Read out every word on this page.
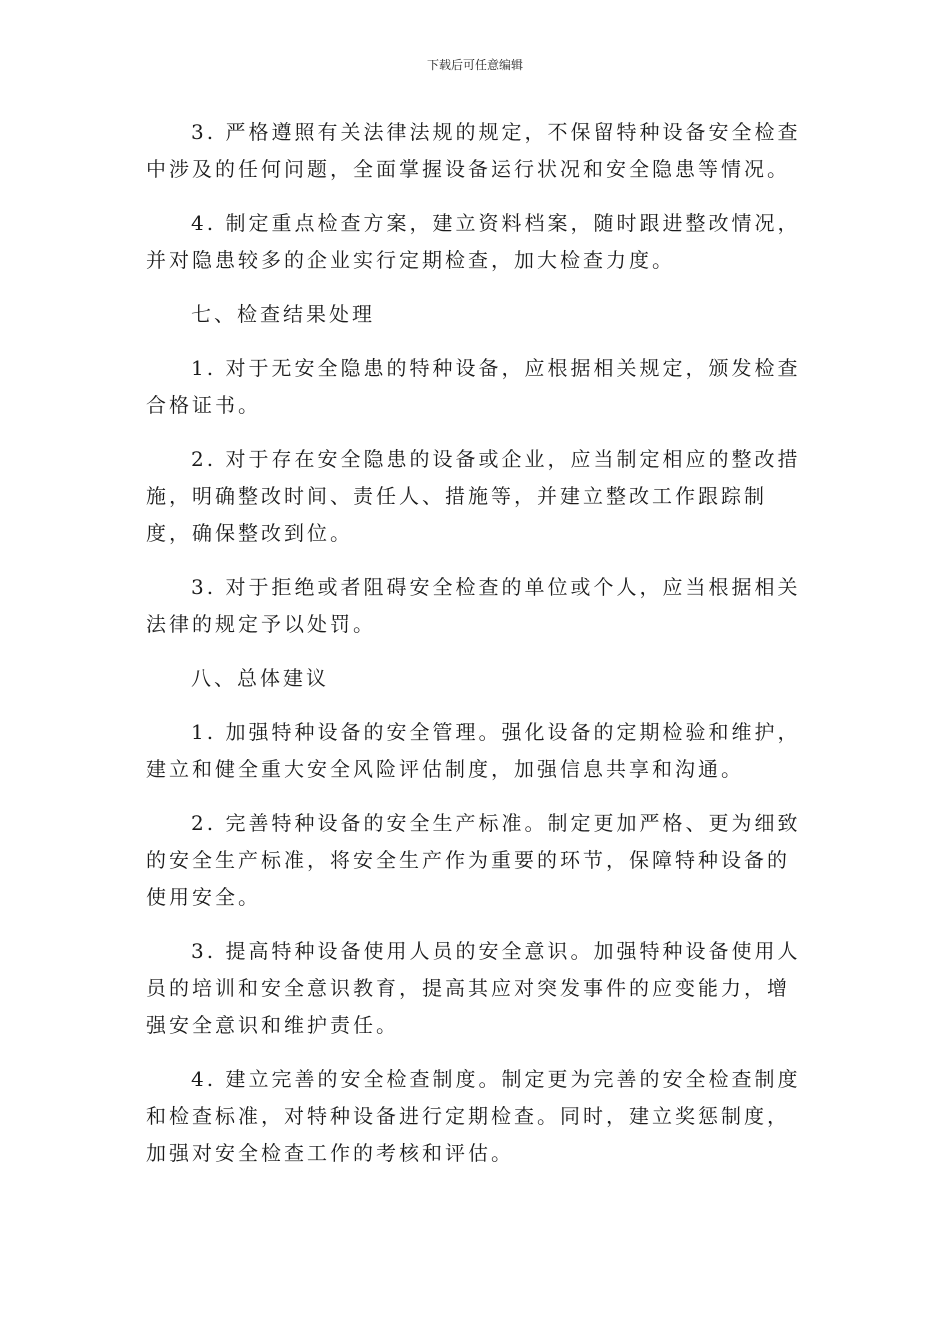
下载后可任意编辑

3. 严格遵照有关法律法规的规定，不保留特种设备安全检查中涉及的任何问题，全面掌握设备运行状况和安全隐患等情况。

4. 制定重点检查方案，建立资料档案，随时跟进整改情况，并对隐患较多的企业实行定期检查，加大检查力度。

七、检查结果处理

1. 对于无安全隐患的特种设备，应根据相关规定，颁发检查合格证书。

2. 对于存在安全隐患的设备或企业，应当制定相应的整改措施，明确整改时间、责任人、措施等，并建立整改工作跟踪制度，确保整改到位。

3. 对于拒绝或者阻碍安全检查的单位或个人，应当根据相关法律的规定予以处罚。

八、总体建议

1. 加强特种设备的安全管理。强化设备的定期检验和维护，建立和健全重大安全风险评估制度，加强信息共享和沟通。

2. 完善特种设备的安全生产标准。制定更加严格、更为细致的安全生产标准，将安全生产作为重要的环节，保障特种设备的使用安全。

3. 提高特种设备使用人员的安全意识。加强特种设备使用人员的培训和安全意识教育，提高其应对突发事件的应变能力，增强安全意识和维护责任。

4. 建立完善的安全检查制度。制定更为完善的安全检查制度和检查标准，对特种设备进行定期检查。同时，建立奖惩制度，加强对安全检查工作的考核和评估。
